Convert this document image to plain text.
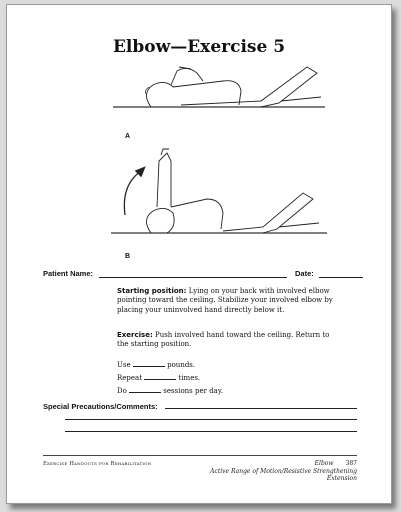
Elbow—Exercise 5
A
B
Patient Name:	Date:
Starting position: Lying on your back with involved elbow pointing toward the ceiling. Stabilize your involved elbow by placing your uninvolved hand directly below it.
Exercise: Push involved hand toward the ceiling. Return to the starting position.
Use	pounds.
Repeat	times.
Do	sessions per day.
Special Precautions/Comments:
Exercise Handouts for Rehabilitation	Elbow 387
Active Range of Motion/Resistive Strengthening
Extension
